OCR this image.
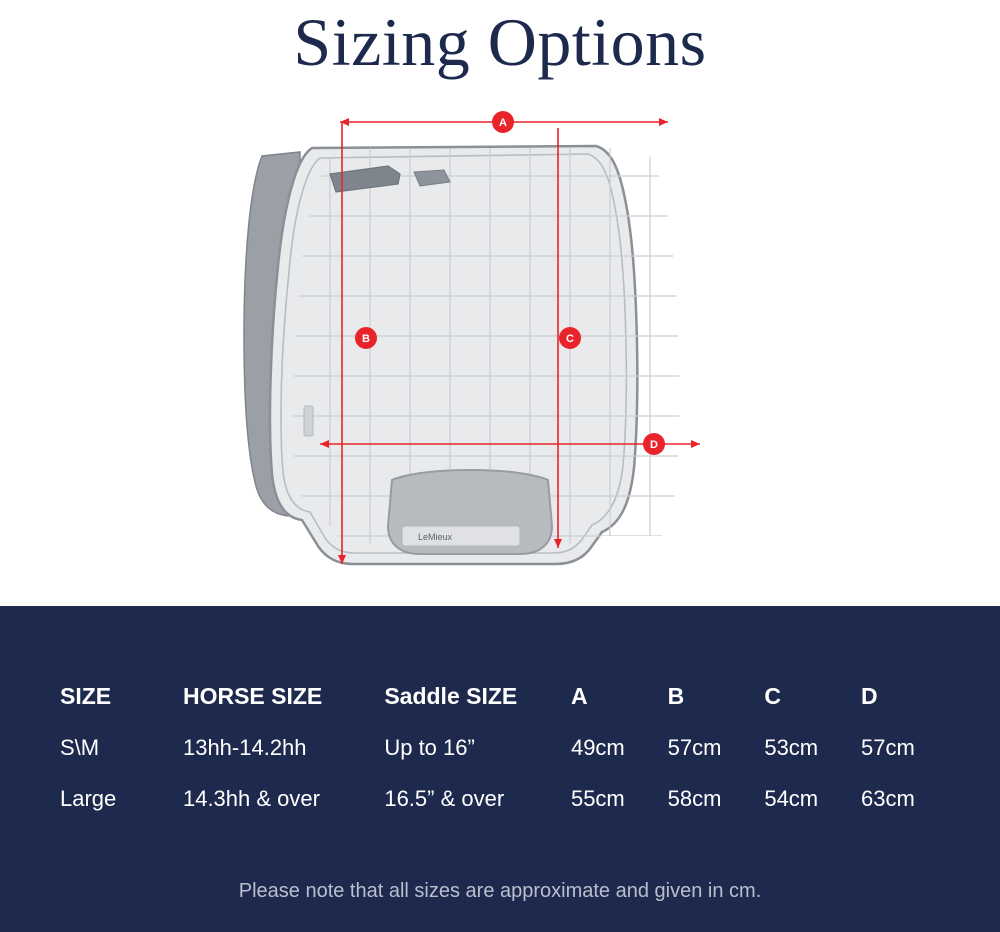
Sizing Options
LeMieux
A
B	C
D
SIZE	HORSE SIZE	Saddle SIZE	A	B	C	D
S\M	13hh-14.2hh	Up to 16”	49cm	57cm	53cm	57cm
Large	14.3hh & over	16.5” & over	55cm	58cm	54cm	63cm
Please note that all sizes are approximate and given in cm.
